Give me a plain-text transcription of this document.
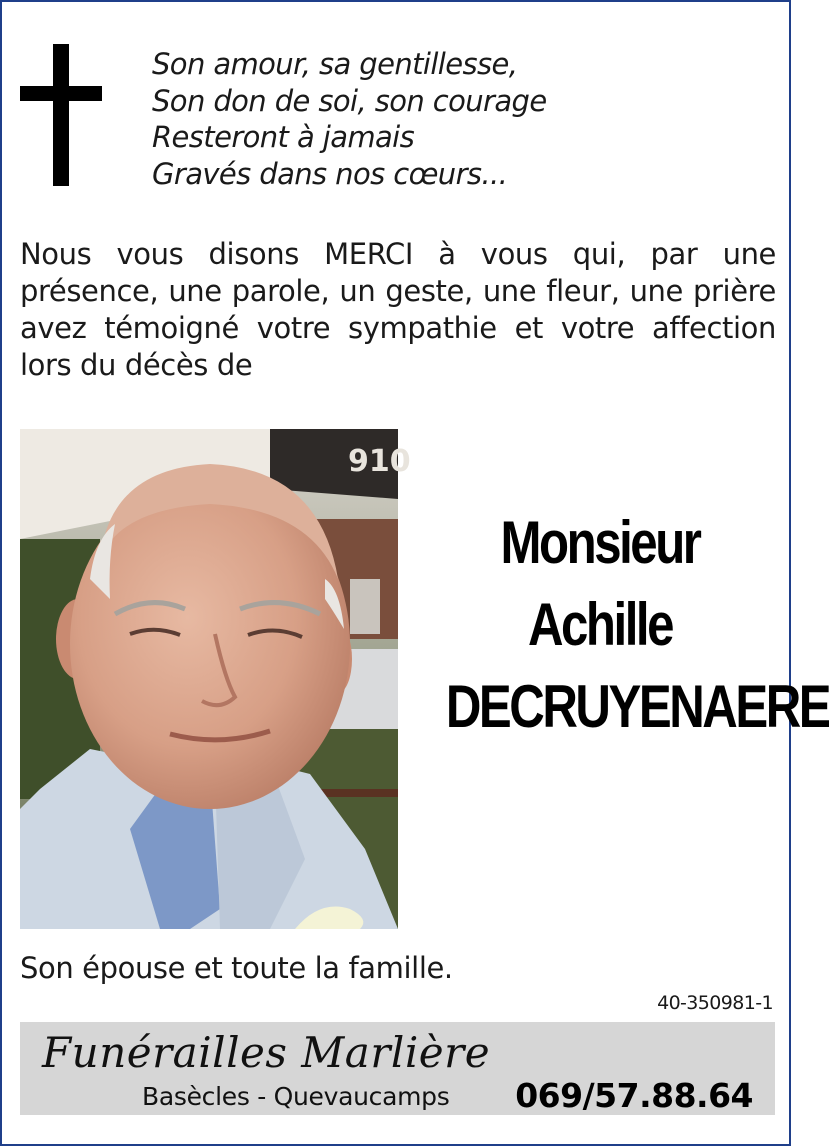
Son amour, sa gentillesse,
Son don de soi, son courage
Resteront à jamais
Gravés dans nos cœurs...

Nous vous disons MERCI à vous qui, par une présence, une parole, un geste, une fleur, une prière avez témoigné votre sympathie et votre affection lors du décès de

910
Monsieur
Achille
DECRUYENAERE

Son épouse et toute la famille.

40-350981-1
Funérailles Marlière
Basècles - Quevaucamps 069/57.88.64
